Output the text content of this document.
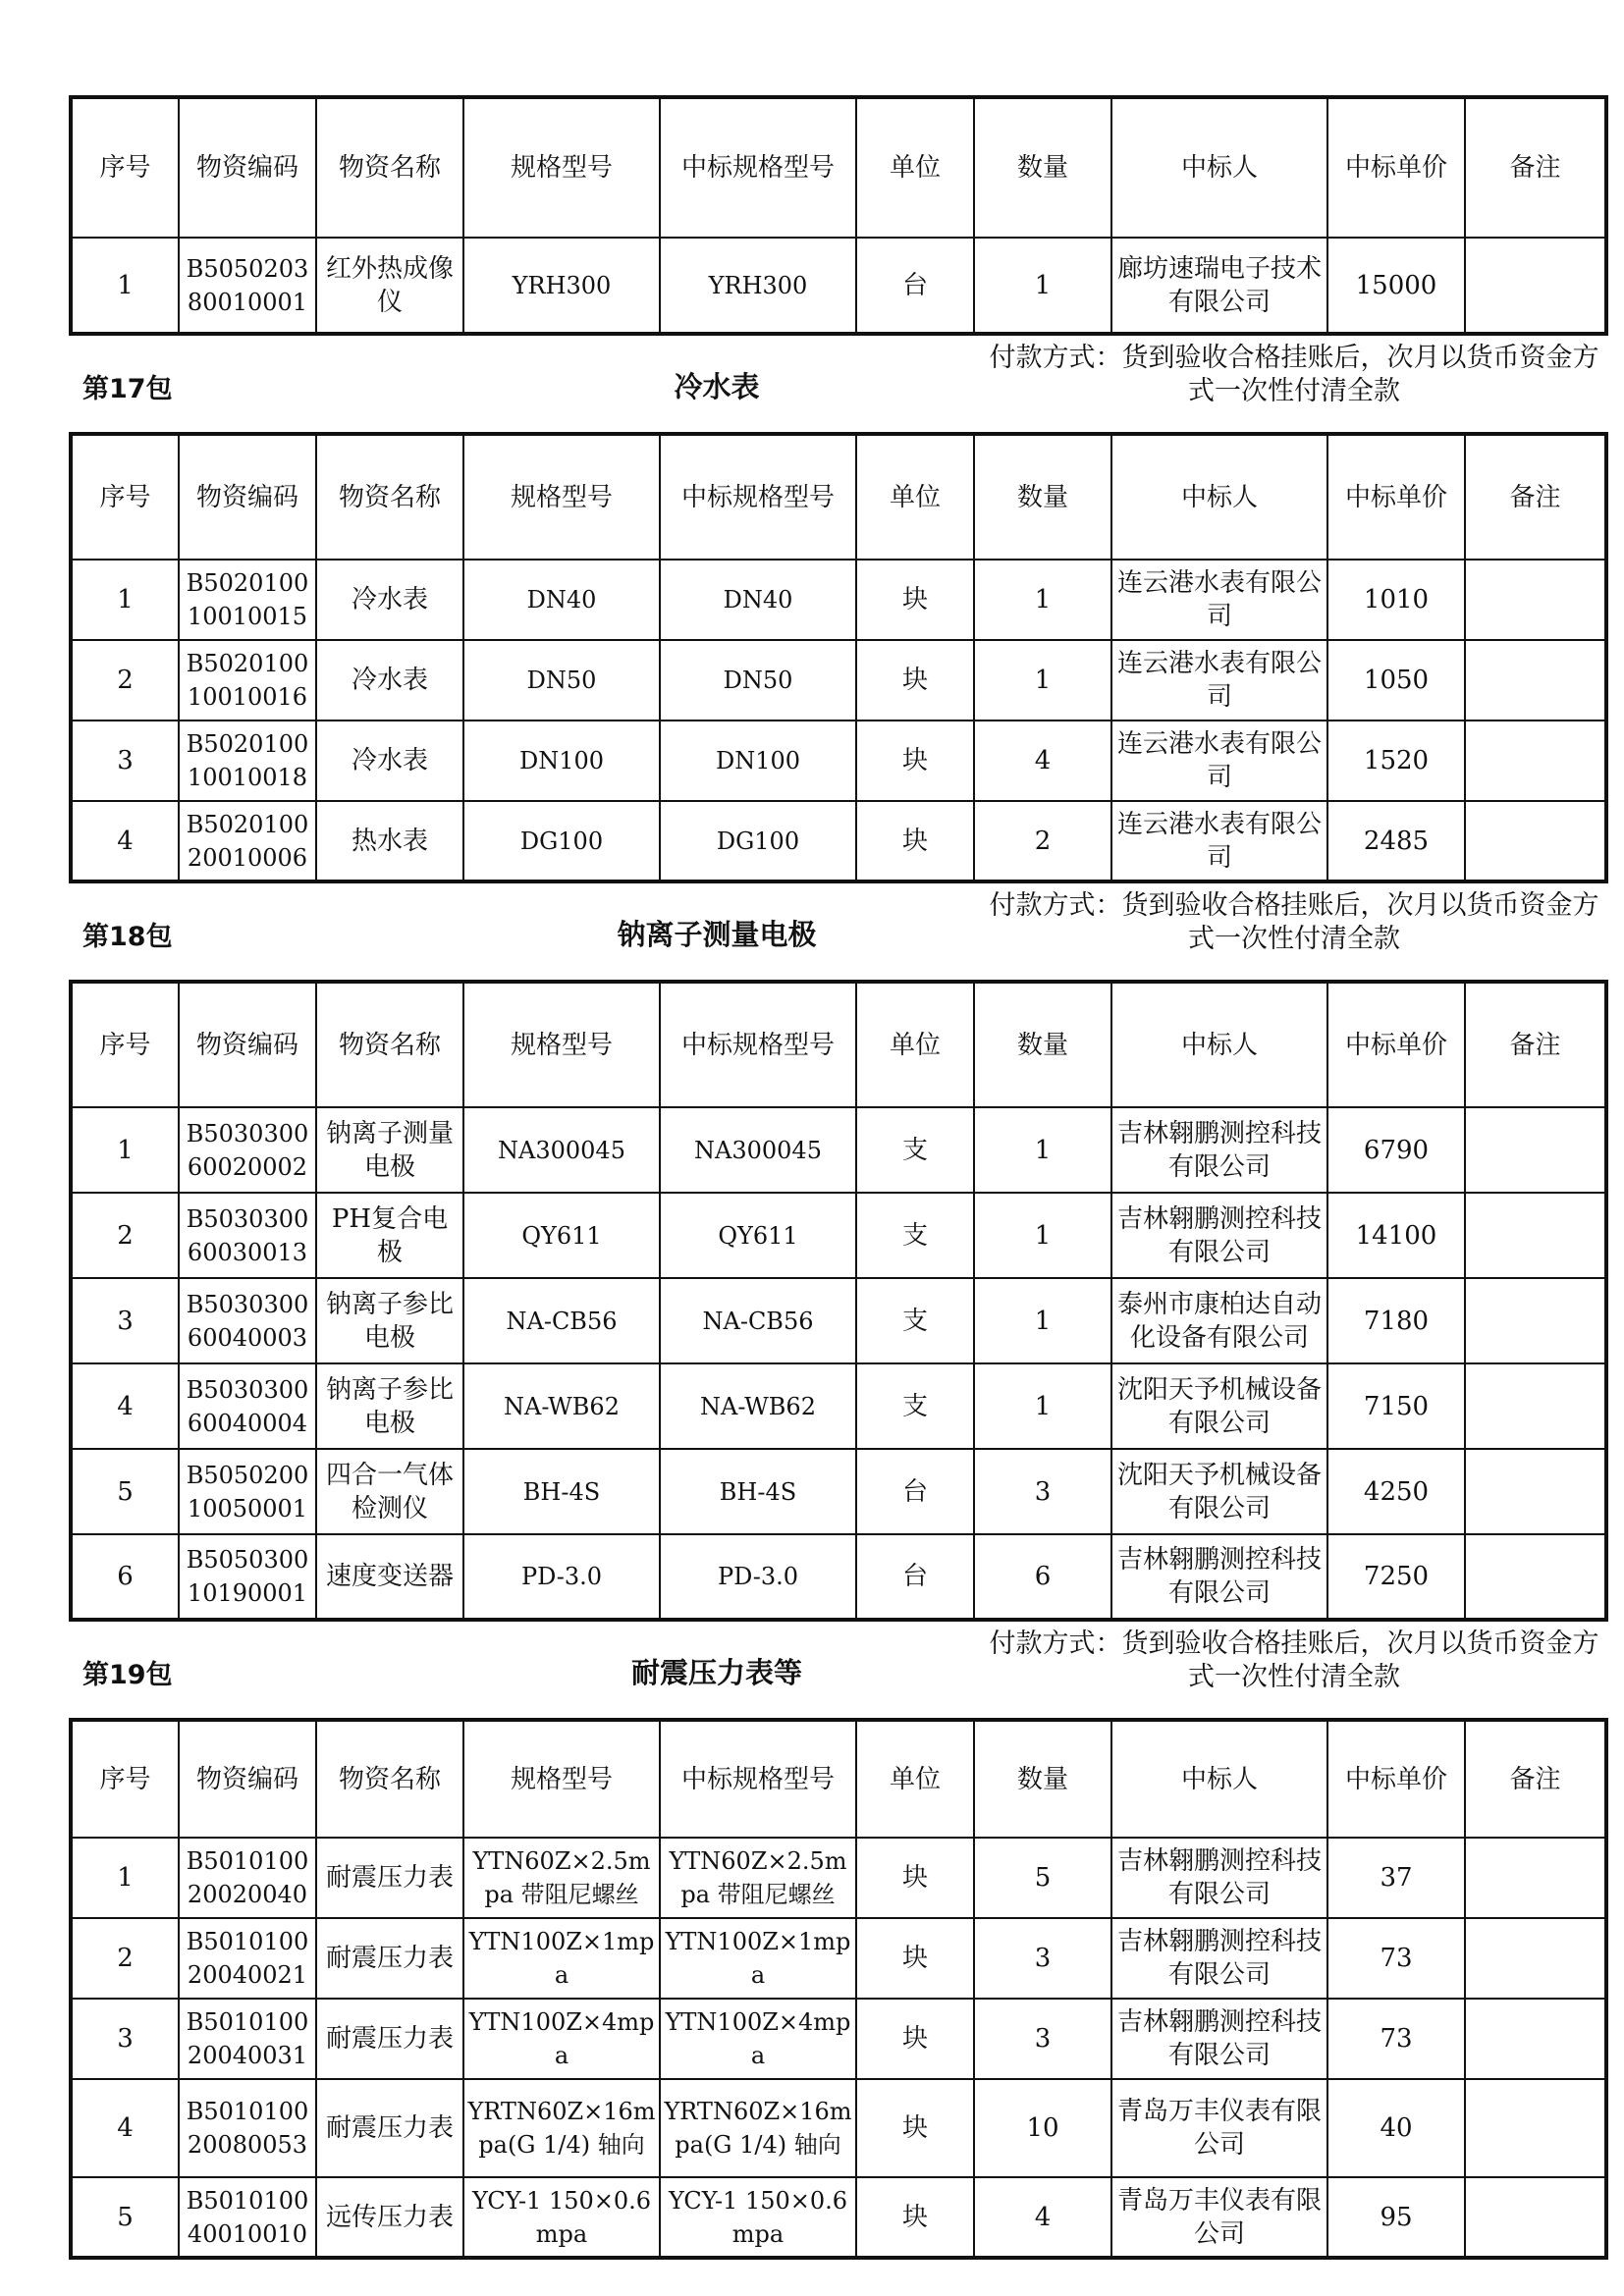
序号	物资编码	物资名称	规格型号	中标规格型号	单位	数量	中标人	中标单价	备注
1	B505020380010001	红外热成像仪	YRH300	YRH300	台	1	廊坊速瑞电子技术有限公司	15000	
第17包	冷水表
付款方式：货到验收合格挂账后，次月以货币资金方式一次性付清全款
序号	物资编码	物资名称	规格型号	中标规格型号	单位	数量	中标人	中标单价	备注
1	B502010010010015	冷水表	DN40	DN40	块	1	连云港水表有限公司	1010	
2	B502010010010016	冷水表	DN50	DN50	块	1	连云港水表有限公司	1050	
3	B502010010010018	冷水表	DN100	DN100	块	4	连云港水表有限公司	1520	
4	B502010020010006	热水表	DG100	DG100	块	2	连云港水表有限公司	2485	
第18包	钠离子测量电极
付款方式：货到验收合格挂账后，次月以货币资金方式一次性付清全款
序号	物资编码	物资名称	规格型号	中标规格型号	单位	数量	中标人	中标单价	备注
1	B503030060020002	钠离子测量电极	NA300045	NA300045	支	1	吉林翱鹏测控科技有限公司	6790	
2	B503030060030013	PH复合电极	QY611	QY611	支	1	吉林翱鹏测控科技有限公司	14100	
3	B503030060040003	钠离子参比电极	NA-CB56	NA-CB56	支	1	泰州市康柏达自动化设备有限公司	7180	
4	B503030060040004	钠离子参比电极	NA-WB62	NA-WB62	支	1	沈阳天予机械设备有限公司	7150	
5	B505020010050001	四合一气体检测仪	BH-4S	BH-4S	台	3	沈阳天予机械设备有限公司	4250	
6	B505030010190001	速度变送器	PD-3.0	PD-3.0	台	6	吉林翱鹏测控科技有限公司	7250	
第19包	耐震压力表等
付款方式：货到验收合格挂账后，次月以货币资金方式一次性付清全款
序号	物资编码	物资名称	规格型号	中标规格型号	单位	数量	中标人	中标单价	备注
1	B501010020020040	耐震压力表	YTN60Z×2.5mpa 带阻尼螺丝	YTN60Z×2.5mpa 带阻尼螺丝	块	5	吉林翱鹏测控科技有限公司	37	
2	B501010020040021	耐震压力表	YTN100Z×1mpa	YTN100Z×1mpa	块	3	吉林翱鹏测控科技有限公司	73	
3	B501010020040031	耐震压力表	YTN100Z×4mpa	YTN100Z×4mpa	块	3	吉林翱鹏测控科技有限公司	73	
4	B501010020080053	耐震压力表	YRTN60Z×16mpa(G 1/4) 轴向	YRTN60Z×16mpa(G 1/4) 轴向	块	10	青岛万丰仪表有限公司	40	
5	B501010040010010	远传压力表	YCY-1 150×0.6mpa	YCY-1 150×0.6mpa	块	4	青岛万丰仪表有限公司	95	
